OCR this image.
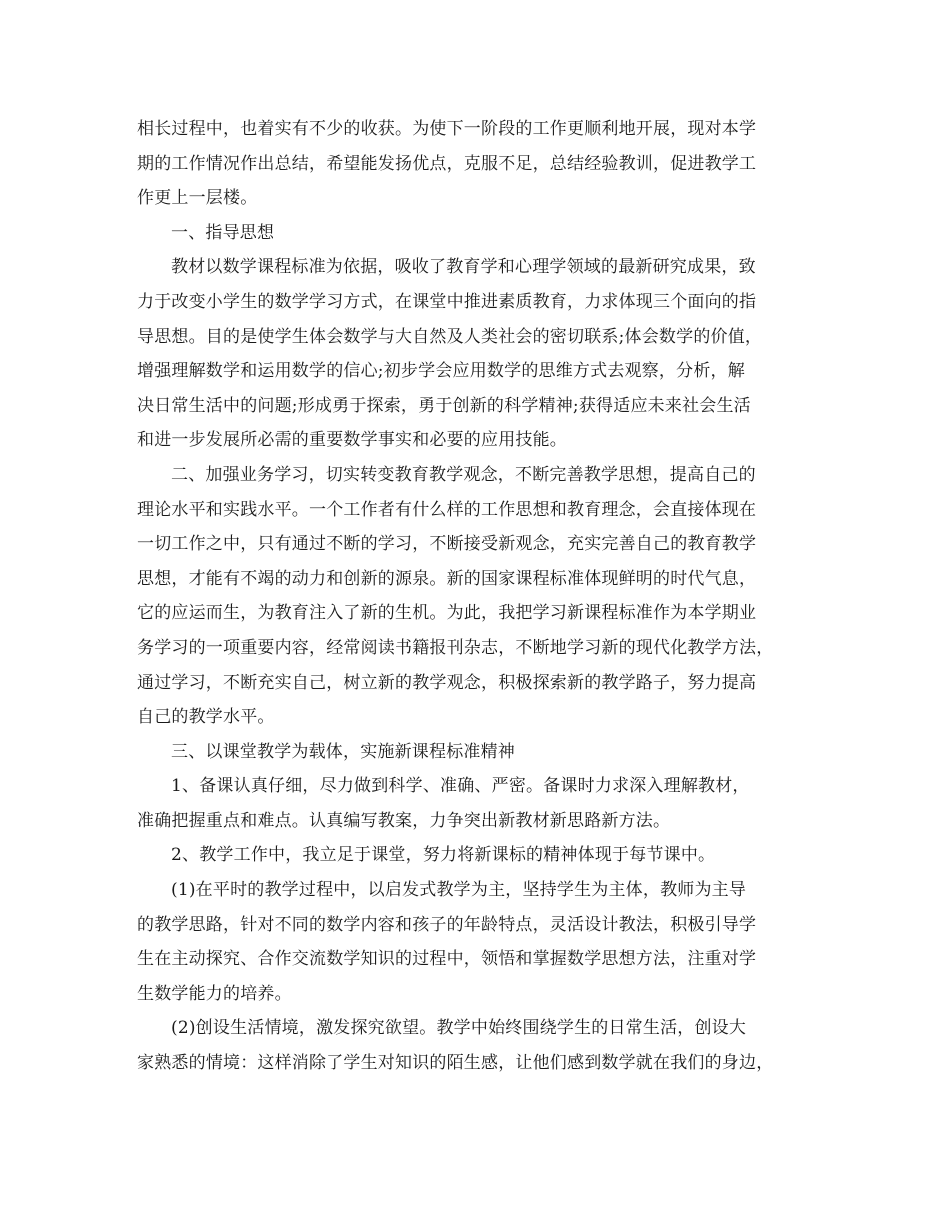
相长过程中，也着实有不少的收获。为使下一阶段的工作更顺利地开展，现对本学
期的工作情况作出总结，希望能发扬优点，克服不足，总结经验教训，促进教学工
作更上一层楼。
一、指导思想
教材以数学课程标准为依据，吸收了教育学和心理学领域的最新研究成果，致
力于改变小学生的数学学习方式，在课堂中推进素质教育，力求体现三个面向的指
导思想。目的是使学生体会数学与大自然及人类社会的密切联系;体会数学的价值，
增强理解数学和运用数学的信心;初步学会应用数学的思维方式去观察，分析，解
决日常生活中的问题;形成勇于探索，勇于创新的科学精神;获得适应未来社会生活
和进一步发展所必需的重要数学事实和必要的应用技能。
二、加强业务学习，切实转变教育教学观念，不断完善教学思想，提高自己的
理论水平和实践水平。一个工作者有什么样的工作思想和教育理念，会直接体现在
一切工作之中，只有通过不断的学习，不断接受新观念，充实完善自己的教育教学
思想，才能有不竭的动力和创新的源泉。新的国家课程标准体现鲜明的时代气息，
它的应运而生，为教育注入了新的生机。为此，我把学习新课程标准作为本学期业
务学习的一项重要内容，经常阅读书籍报刊杂志，不断地学习新的现代化教学方法，
通过学习，不断充实自己，树立新的教学观念，积极探索新的教学路子，努力提高
自己的教学水平。
三、以课堂教学为载体，实施新课程标准精神
1、备课认真仔细，尽力做到科学、准确、严密。备课时力求深入理解教材，
准确把握重点和难点。认真编写教案，力争突出新教材新思路新方法。
2、教学工作中，我立足于课堂，努力将新课标的精神体现于每节课中。
(1)在平时的教学过程中，以启发式教学为主，坚持学生为主体，教师为主导
的教学思路，针对不同的数学内容和孩子的年龄特点，灵活设计教法，积极引导学
生在主动探究、合作交流数学知识的过程中，领悟和掌握数学思想方法，注重对学
生数学能力的培养。
(2)创设生活情境，激发探究欲望。教学中始终围绕学生的日常生活，创设大
家熟悉的情境：这样消除了学生对知识的陌生感，让他们感到数学就在我们的身边，
